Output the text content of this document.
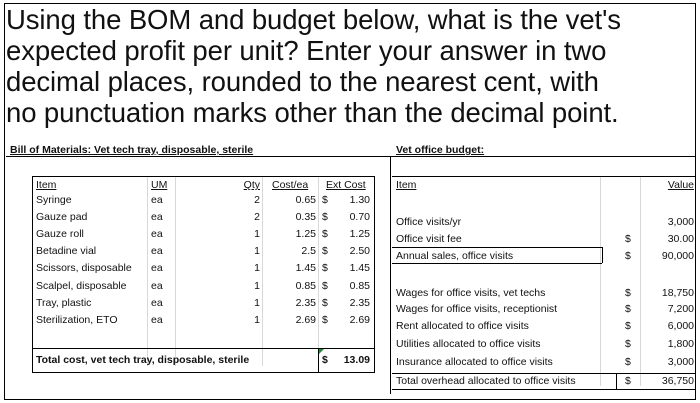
Using the BOM and budget below, what is the vet's
expected profit per unit? Enter your answer in two
decimal places, rounded to the nearest cent, with
no punctuation marks other than the decimal point.
Bill of Materials: Vet tech tray, disposable, sterile
Item	UM	Qty Cost/ea Ext Cost
Syringe	ea	2	0.65 $	1.30
Gauze pad	ea	2	0.35 $	0.70
Gauze roll	ea	1	1.25 $	1.25
Betadine vial	ea	1	2.5 $	2.50
Scissors, disposable ea	1	1.45 $	1.45
Scalpel, disposable ea	1	0.85 $	0.85
Tray, plastic	ea	1	2.35 $	2.35
Sterilization, ETO	ea	1	2.69 $	2.69
Total cost, vet tech tray, disposable, sterile	$	13.09
Vet office budget:
Item	Value
Office visits/yr	3,000
Office visit fee	$	30.00
Annual sales, office visits	$	90,000
Wages for office visits, vet techs	$	18,750
Wages for office visits, receptionist	$	7,200
Rent allocated to office visits	$	6,000
Utilities allocated to office visits	$	1,800
Insurance allocated to office visits	$	3,000
Total overhead allocated to office visits	$	36,750
